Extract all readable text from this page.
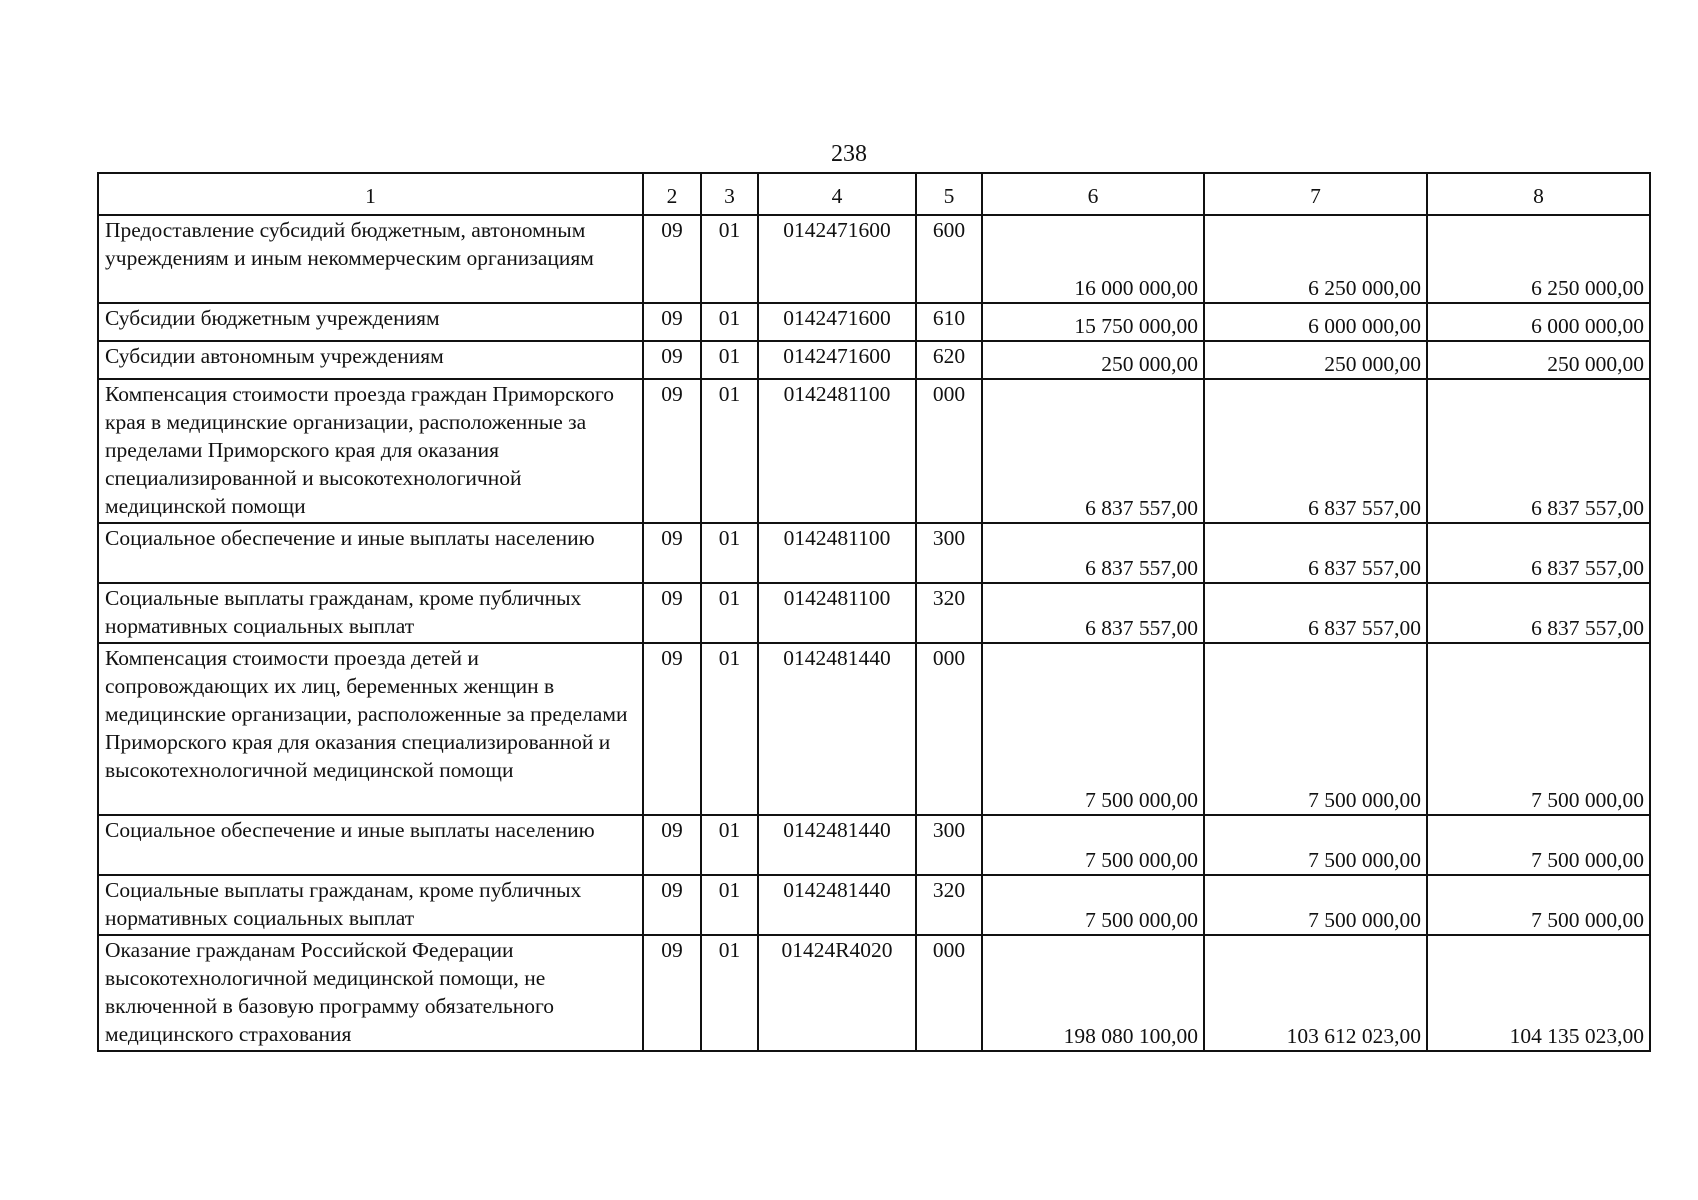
238
1	2	3	4	5	6	7	8
Предоставление субсидий бюджетным, автономным учреждениям и иным некоммерческим организациям	09	01	0142471600	600	16 000 000,00	6 250 000,00	6 250 000,00
Субсидии бюджетным учреждениям	09	01	0142471600	610	15 750 000,00	6 000 000,00	6 000 000,00
Субсидии автономным учреждениям	09	01	0142471600	620	250 000,00	250 000,00	250 000,00
Компенсация стоимости проезда граждан Приморского края в медицинские организации, расположенные за пределами Приморского края для оказания специализированной и высокотехнологичной медицинской помощи	09	01	0142481100	000	6 837 557,00	6 837 557,00	6 837 557,00
Социальное обеспечение и иные выплаты населению	09	01	0142481100	300	6 837 557,00	6 837 557,00	6 837 557,00
Социальные выплаты гражданам, кроме публичных нормативных социальных выплат	09	01	0142481100	320	6 837 557,00	6 837 557,00	6 837 557,00
Компенсация стоимости проезда детей и сопровождающих их лиц, беременных женщин в медицинские организации, расположенные за пределами Приморского края для оказания специализированной и высокотехнологичной медицинской помощи	09	01	0142481440	000	7 500 000,00	7 500 000,00	7 500 000,00
Социальное обеспечение и иные выплаты населению	09	01	0142481440	300	7 500 000,00	7 500 000,00	7 500 000,00
Социальные выплаты гражданам, кроме публичных нормативных социальных выплат	09	01	0142481440	320	7 500 000,00	7 500 000,00	7 500 000,00
Оказание гражданам Российской Федерации высокотехнологичной медицинской помощи, не включенной в базовую программу обязательного медицинского страхования	09	01	01424R4020	000	198 080 100,00	103 612 023,00	104 135 023,00
